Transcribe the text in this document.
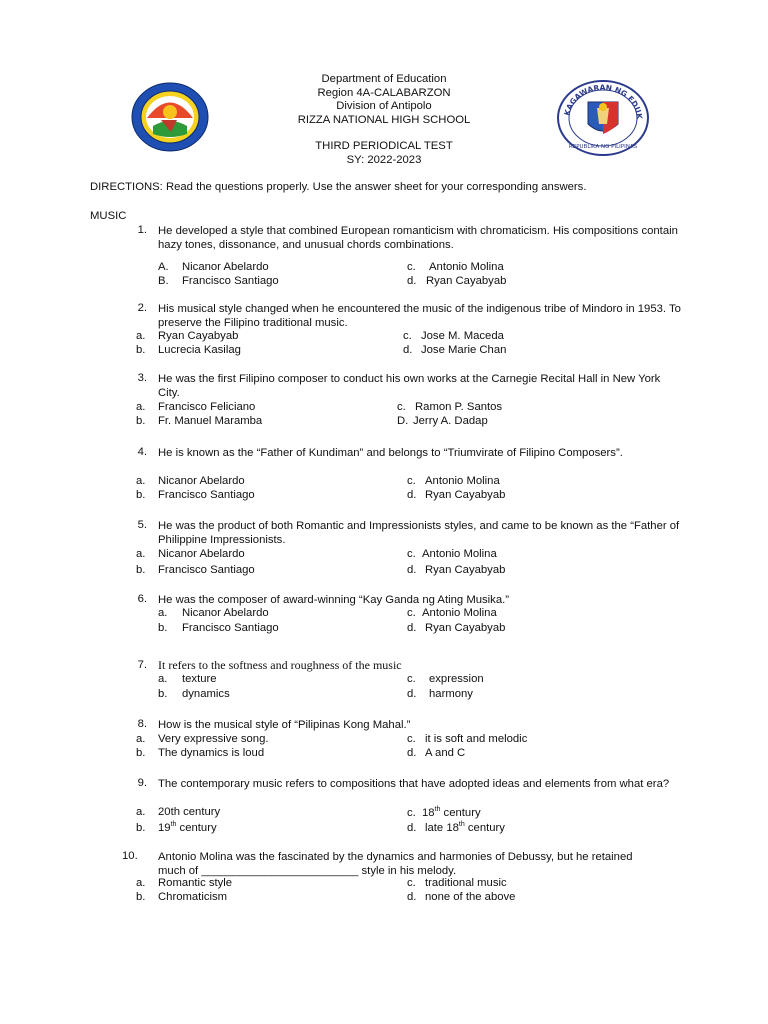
KAGAWARAN NG EDUK
REPUBLIKA NG PILIPINAS
Department of Education
Region 4A-CALABARZON
Division of Antipolo
RIZZA NATIONAL HIGH SCHOOL
THIRD PERIODICAL TEST
SY: 2022-2023
DIRECTIONS: Read the questions properly. Use the answer sheet for your corresponding answers.
MUSIC
1. He developed a style that combined European romanticism with chromaticism. His compositions contain hazy tones, dissonance, and unusual chords combinations.
A. Nicanor Abelardo
B. Francisco Santiago
c. Antonio Molina
d. Ryan Cayabyab
2. His musical style changed when he encountered the music of the indigenous tribe of Mindoro in 1953. To preserve the Filipino traditional music.
a. Ryan Cayabyab
b. Lucrecia Kasilag
c. Jose M. Maceda
d. Jose Marie Chan
3. He was the first Filipino composer to conduct his own works at the Carnegie Recital Hall in New York City.
a. Francisco Feliciano
b. Fr. Manuel Maramba
c. Ramon P. Santos
D. Jerry A. Dadap
4. He is known as the “Father of Kundiman” and belongs to “Triumvirate of Filipino Composers”.
a. Nicanor Abelardo
b. Francisco Santiago
c. Antonio Molina
d. Ryan Cayabyab
5. He was the product of both Romantic and Impressionists styles, and came to be known as the “Father of Philippine Impressionists.
a. Nicanor Abelardo
b. Francisco Santiago
c. Antonio Molina
d. Ryan Cayabyab
6. He was the composer of award-winning “Kay Ganda ng Ating Musika.”
a. Nicanor Abelardo
b. Francisco Santiago
c. Antonio Molina
d. Ryan Cayabyab
7. It refers to the softness and roughness of the music
a. texture
b. dynamics
c. expression
d. harmony
8. How is the musical style of “Pilipinas Kong Mahal.”
a. Very expressive song.
b. The dynamics is loud
c. it is soft and melodic
d. A and C
9. The contemporary music refers to compositions that have adopted ideas and elements from what era?
a. 20th century
b. 19th century
c. 18th century
d. late 18th century
10.	Antonio Molina was the fascinated by the dynamics and harmonies of Debussy, but he retained much of _________________________ style in his melody.
a. Romantic style
b. Chromaticism
c. traditional music
d. none of the above
